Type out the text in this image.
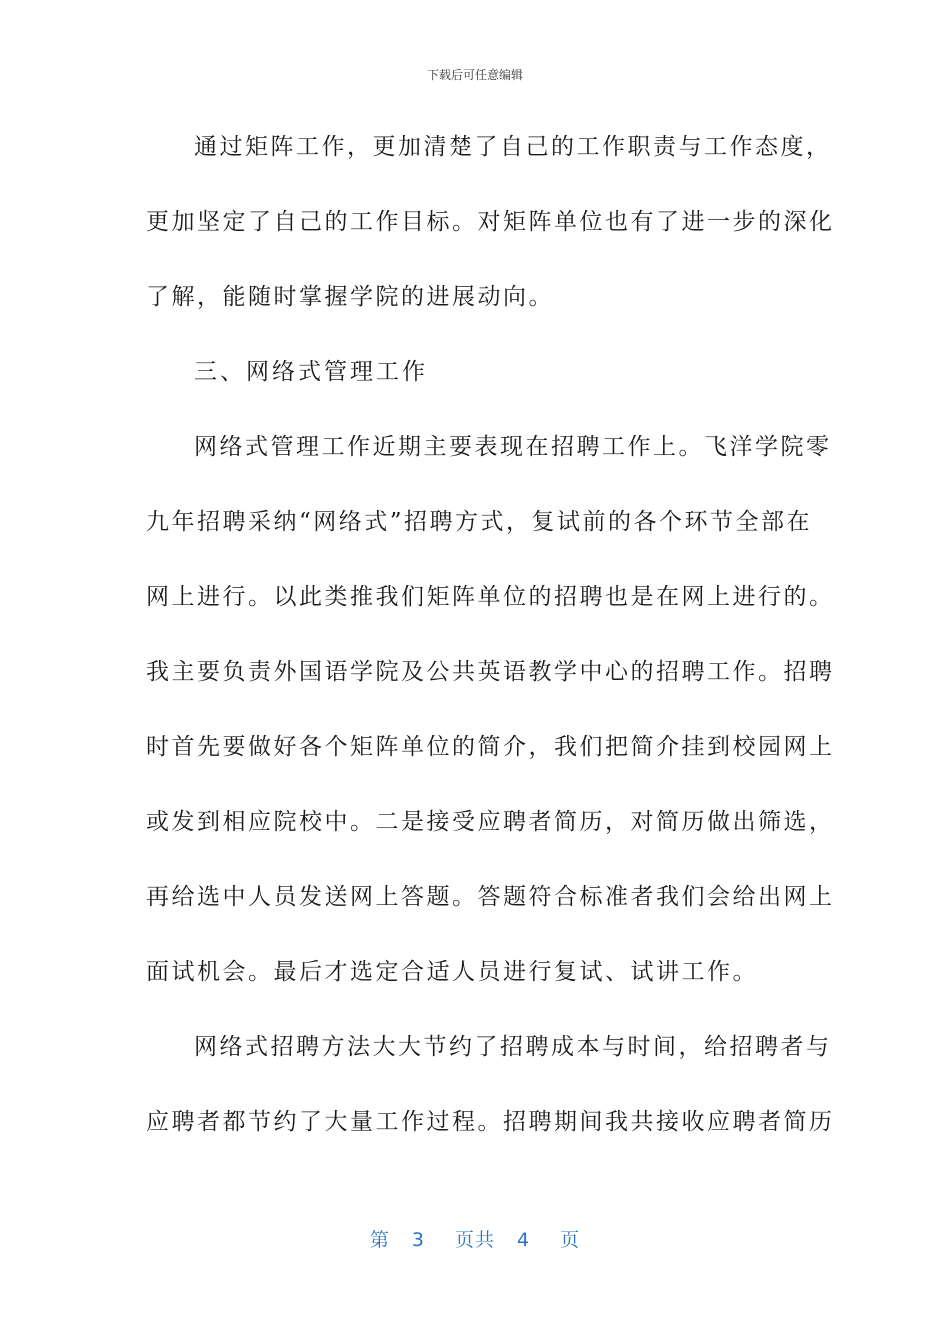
下载后可任意编辑
通过矩阵工作，更加清楚了自己的工作职责与工作态度，
更加坚定了自己的工作目标。对矩阵单位也有了进一步的深化
了解，能随时掌握学院的进展动向。
三、网络式管理工作
网络式管理工作近期主要表现在招聘工作上。飞洋学院零
九年招聘采纳“网络式”招聘方式，复试前的各个环节全部在
网上进行。以此类推我们矩阵单位的招聘也是在网上进行的。
我主要负责外国语学院及公共英语教学中心的招聘工作。招聘
时首先要做好各个矩阵单位的简介，我们把简介挂到校园网上
或发到相应院校中。二是接受应聘者简历，对简历做出筛选，
再给选中人员发送网上答题。答题符合标准者我们会给出网上
面试机会。最后才选定合适人员进行复试、试讲工作。
网络式招聘方法大大节约了招聘成本与时间，给招聘者与
应聘者都节约了大量工作过程。招聘期间我共接收应聘者简历
第 3 页共 4 页
